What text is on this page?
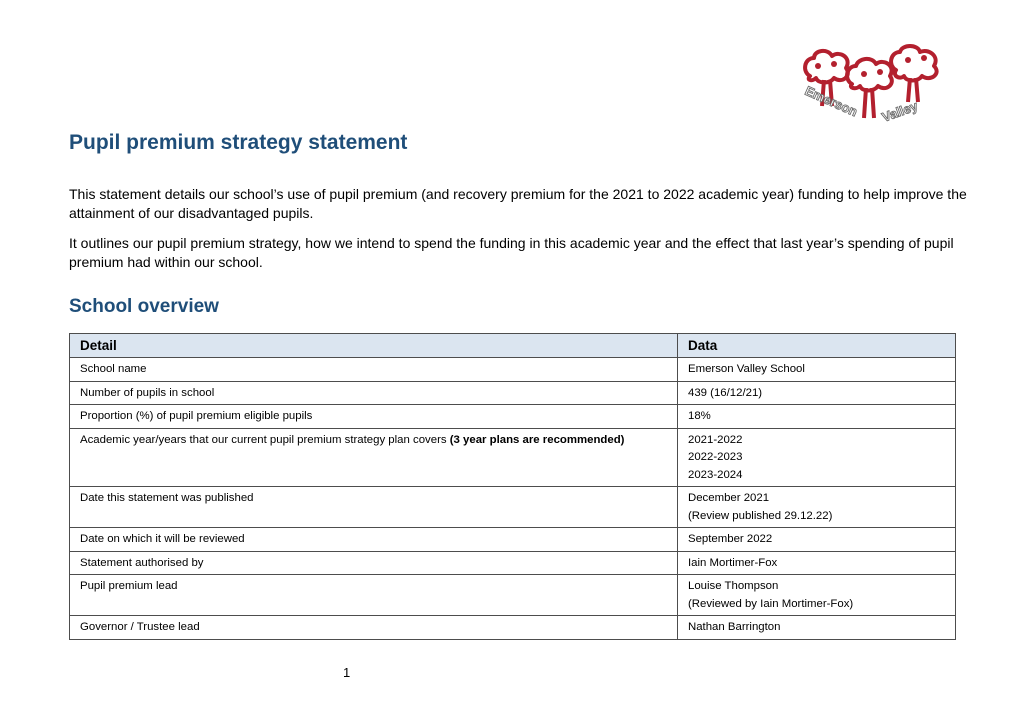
Emerson Valley
Pupil premium strategy statement

This statement details our school’s use of pupil premium (and recovery premium for the 2021 to 2022 academic year) funding to help improve the attainment of our disadvantaged pupils.

It outlines our pupil premium strategy, how we intend to spend the funding in this academic year and the effect that last year’s spending of pupil premium had within our school.

School overview
Detail	Data
School name	Emerson Valley School

Number of pupils in school	439 (16/12/21)

Proportion (%) of pupil premium eligible pupils	18%

Academic year/years that our current pupil premium strategy plan covers (3 year plans are recommended)	2021-2022
2022-2023
2023-2024

Date this statement was published	December 2021
(Review published 29.12.22)

Date on which it will be reviewed	September 2022

Statement authorised by	Iain Mortimer-Fox

Pupil premium lead	Louise Thompson
(Reviewed by Iain Mortimer-Fox)

Governor / Trustee lead	Nathan Barrington
1
